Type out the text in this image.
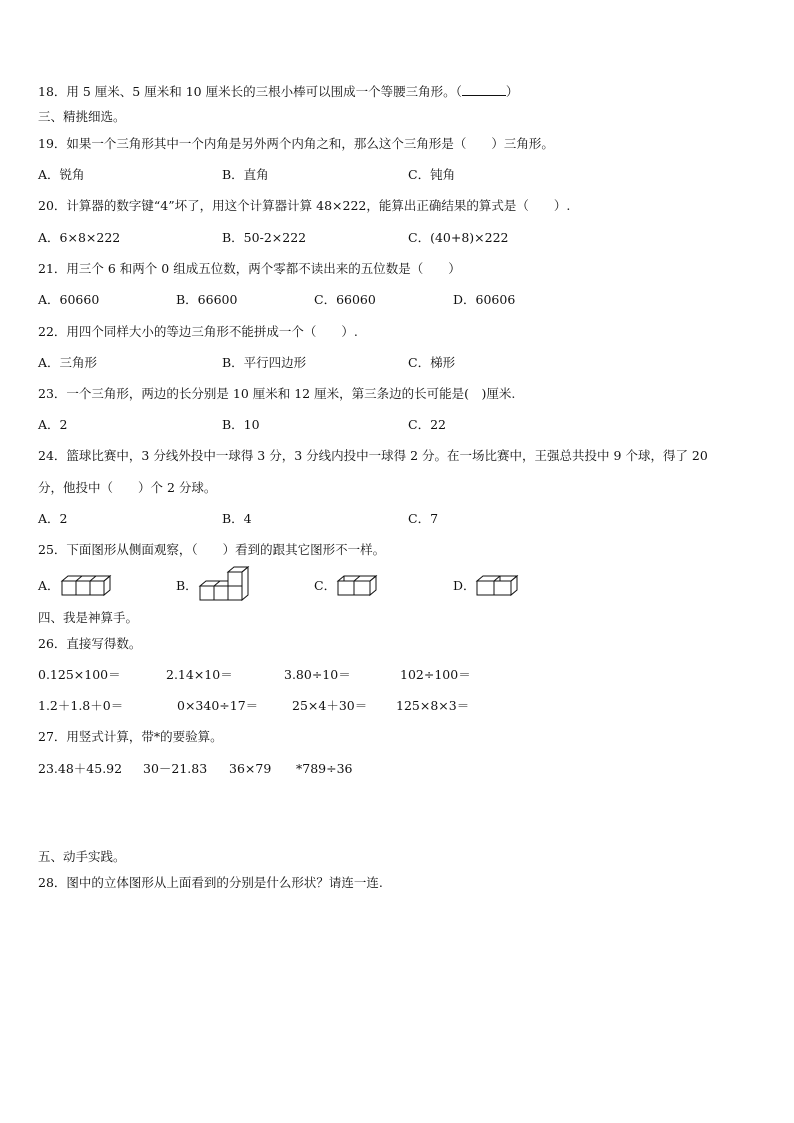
18．用 5 厘米、5 厘米和 10 厘米长的三根小棒可以围成一个等腰三角形。（	）
三、精挑细选。
19．如果一个三角形其中一个内角是另外两个内角之和，那么这个三角形是（　　）三角形。
A．锐角	B．直角	C．钝角
20．计算器的数字键“4”坏了，用这个计算器计算 48×222，能算出正确结果的算式是（　　）.
A．6×8×222	B．50-2×222	C．(40+8)×222
21．用三个 6 和两个 0 组成五位数，两个零都不读出来的五位数是（　　）
A．60660	B．66600	C．66060	D．60606
22．用四个同样大小的等边三角形不能拼成一个（　　）.
A．三角形	B．平行四边形	C．梯形
23．一个三角形，两边的长分别是 10 厘米和 12 厘米，第三条边的长可能是(　)厘米.
A．2	B．10	C．22
24．篮球比赛中，3 分线外投中一球得 3 分，3 分线内投中一球得 2 分。在一场比赛中，王强总共投中 9 个球，得了 20
分，他投中（　　）个 2 分球。
A．2	B．4	C．7
25．下面图形从侧面观察，（　　）看到的跟其它图形不一样。
A．	B．	C．	D．
四、我是神算手。
26．直接写得数。
0.125×100＝	2.14×10＝	3.80÷10＝	102÷100＝
1.2＋1.8＋0＝	0×340÷17＝	25×4＋30＝ 125×8×3＝
27．用竖式计算，带*的要验算。
23.48＋45.92 30－21.83 36×79 *789÷36
五、动手实践。
28．图中的立体图形从上面看到的分别是什么形状？请连一连.
